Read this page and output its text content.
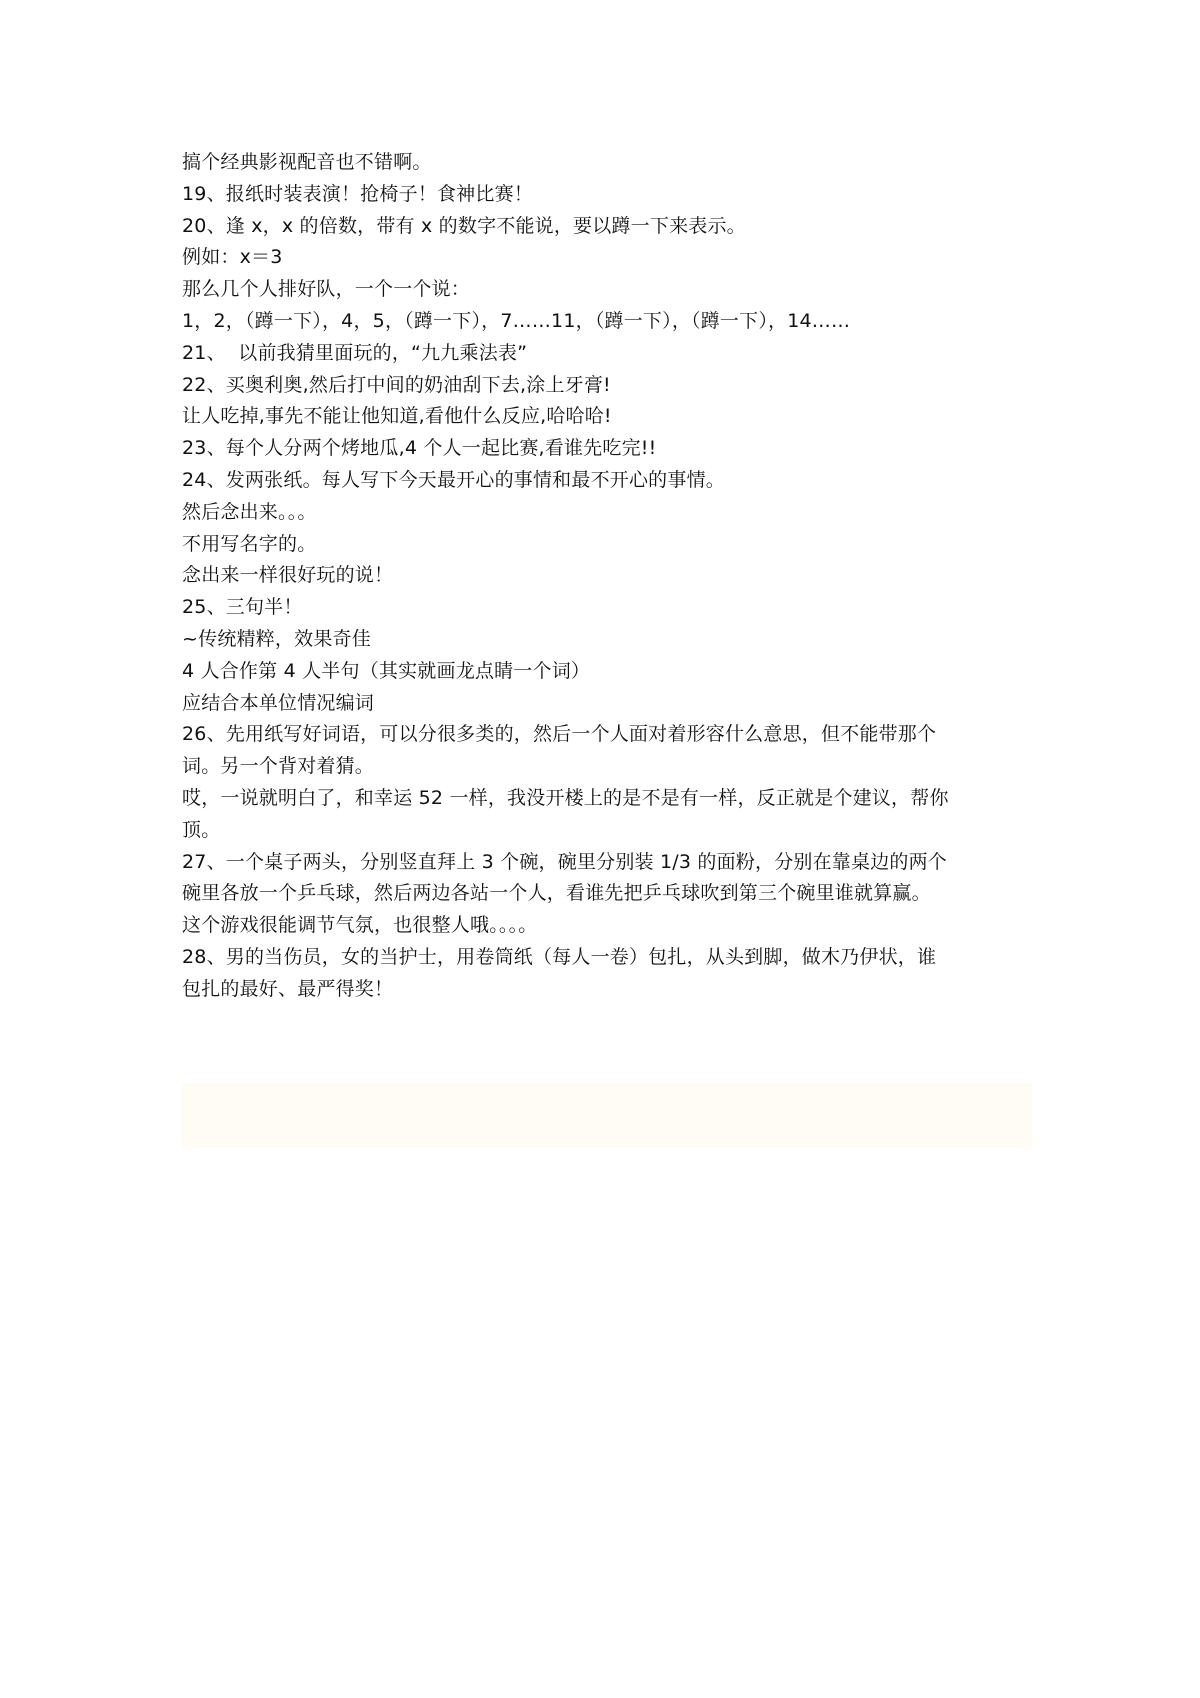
搞个经典影视配音也不错啊。
19、报纸时装表演！抢椅子！食神比赛！
20、逢 x，x 的倍数，带有 x 的数字不能说，要以蹲一下来表示。
例如：x＝3
那么几个人排好队，一个一个说：
1，2，（蹲一下），4，5，（蹲一下），7……11，（蹲一下），（蹲一下），14……
21、  以前我猜里面玩的，“九九乘法表”
22、买奥利奥,然后打中间的奶油刮下去,涂上牙膏!
让人吃掉,事先不能让他知道,看他什么反应,哈哈哈!
23、每个人分两个烤地瓜,4 个人一起比赛,看谁先吃完!!
24、发两张纸。每人写下今天最开心的事情和最不开心的事情。
然后念出来。。。
不用写名字的。
念出来一样很好玩的说！
25、三句半！
~传统精粹，效果奇佳
4 人合作第 4 人半句（其实就画龙点睛一个词）
应结合本单位情况编词
26、先用纸写好词语，可以分很多类的，然后一个人面对着形容什么意思，但不能带那个
词。另一个背对着猜。
哎，一说就明白了，和幸运 52 一样，我没开楼上的是不是有一样，反正就是个建议，帮你
顶。
27、一个桌子两头，分别竖直拜上 3 个碗，碗里分别装 1/3 的面粉，分别在靠桌边的两个
碗里各放一个乒乓球，然后两边各站一个人，看谁先把乒乓球吹到第三个碗里谁就算赢。
这个游戏很能调节气氛，也很整人哦。。。。
28、男的当伤员，女的当护士，用卷筒纸（每人一卷）包扎，从头到脚，做木乃伊状，谁
包扎的最好、最严得奖！
